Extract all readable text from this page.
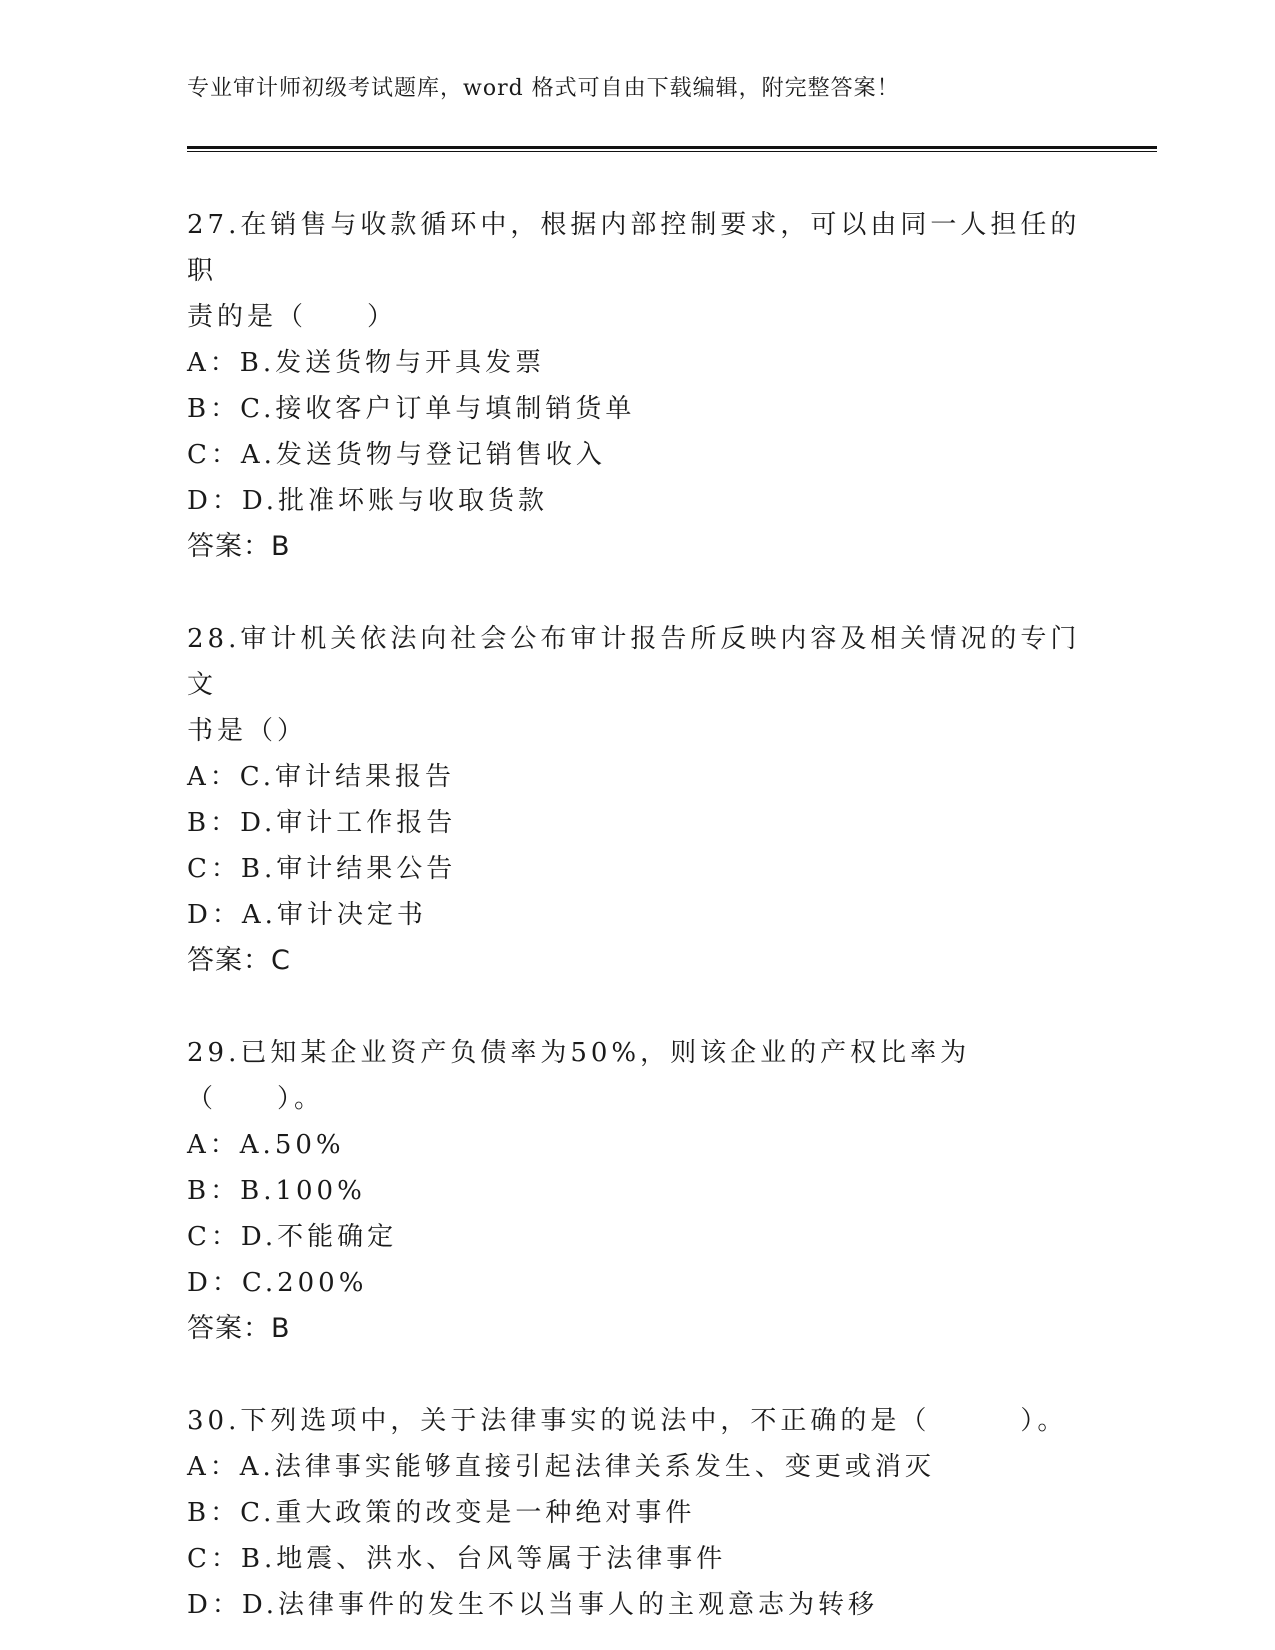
专业审计师初级考试题库，word 格式可自由下载编辑，附完整答案！
27.在销售与收款循环中，根据内部控制要求，可以由同一人担任的职
责的是（　　）
A：B.发送货物与开具发票
B：C.接收客户订单与填制销货单
C：A.发送货物与登记销售收入
D：D.批准坏账与收取货款
答案：B
28.审计机关依法向社会公布审计报告所反映内容及相关情况的专门文
书是（）
A：C.审计结果报告
B：D.审计工作报告
C：B.审计结果公告
D：A.审计决定书
答案：C
29.已知某企业资产负债率为50%，则该企业的产权比率为（　　）。
A：A.50%
B：B.100%
C：D.不能确定
D：C.200%
答案：B
30.下列选项中，关于法律事实的说法中，不正确的是（　　　）。
A：A.法律事实能够直接引起法律关系发生、变更或消灭
B：C.重大政策的改变是一种绝对事件
C：B.地震、洪水、台风等属于法律事件
D：D.法律事件的发生不以当事人的主观意志为转移
